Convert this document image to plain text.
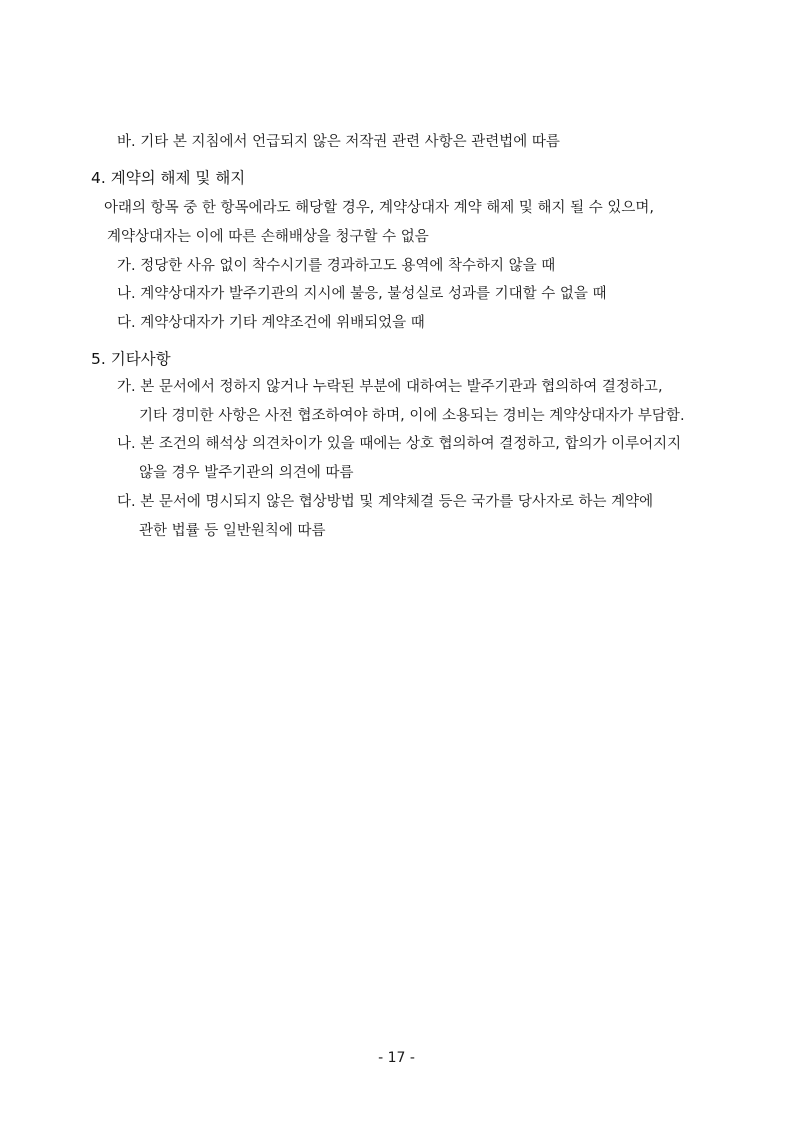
바. 기타 본 지침에서 언급되지 않은 저작권 관련 사항은 관련법에 따름
4. 계약의 해제 및 해지
아래의 항목 중 한 항목에라도 해당할 경우, 계약상대자 계약 해제 및 해지 될 수 있으며,
계약상대자는 이에 따른 손해배상을 청구할 수 없음
가. 정당한 사유 없이 착수시기를 경과하고도 용역에 착수하지 않을 때
나. 계약상대자가 발주기관의 지시에 불응, 불성실로 성과를 기대할 수 없을 때
다. 계약상대자가 기타 계약조건에 위배되었을 때
5. 기타사항
가. 본 문서에서 정하지 않거나 누락된 부분에 대하여는 발주기관과 협의하여 결정하고,
기타 경미한 사항은 사전 협조하여야 하며, 이에 소용되는 경비는 계약상대자가 부담함.
나. 본 조건의 해석상 의견차이가 있을 때에는 상호 협의하여 결정하고, 합의가 이루어지지
않을 경우 발주기관의 의견에 따름
다. 본 문서에 명시되지 않은 협상방법 및 계약체결 등은 국가를 당사자로 하는 계약에
관한 법률 등 일반원칙에 따름
- 17 -
